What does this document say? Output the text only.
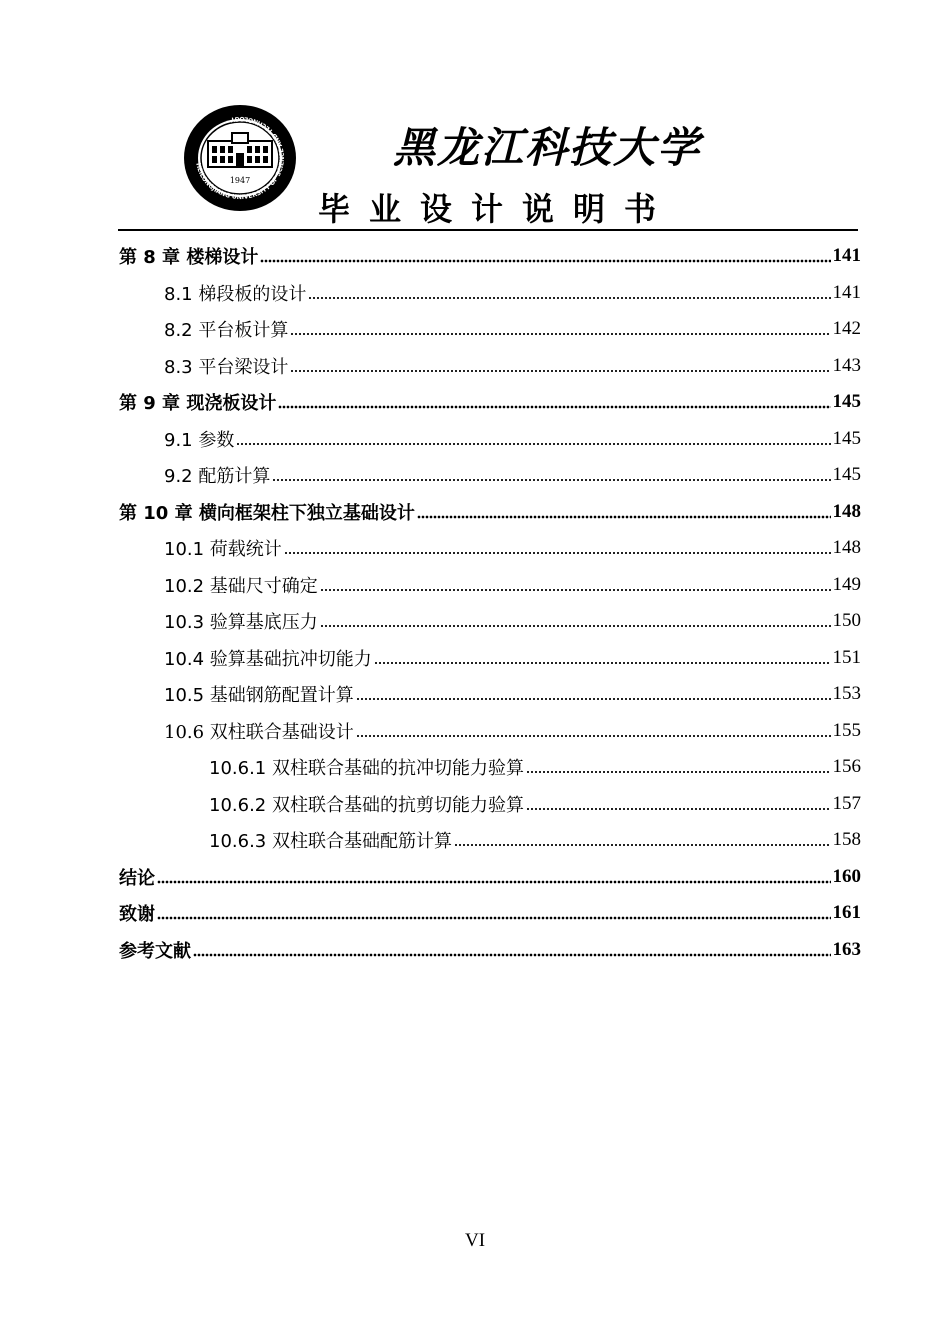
1947
HEILONGJIANG UNIVERSITY OF SCIENCE AND TECHNOLOGY
黑龙江科技大学
毕业设计说明书
第 8 章 楼梯设计	141
8.1 梯段板的设计	141
8.2 平台板计算	142
8.3 平台梁设计	143
第 9 章 现浇板设计	145
9.1 参数	145
9.2 配筋计算	145
第 10 章 横向框架柱下独立基础设计	148
10.1 荷载统计	148
10.2 基础尺寸确定	149
10.3 验算基底压力	150
10.4 验算基础抗冲切能力	151
10.5 基础钢筋配置计算	153
10.6 双柱联合基础设计	155
10.6.1 双柱联合基础的抗冲切能力验算	156
10.6.2 双柱联合基础的抗剪切能力验算	157
10.6.3 双柱联合基础配筋计算	158
结论	160
致谢	161
参考文献	163
VI
